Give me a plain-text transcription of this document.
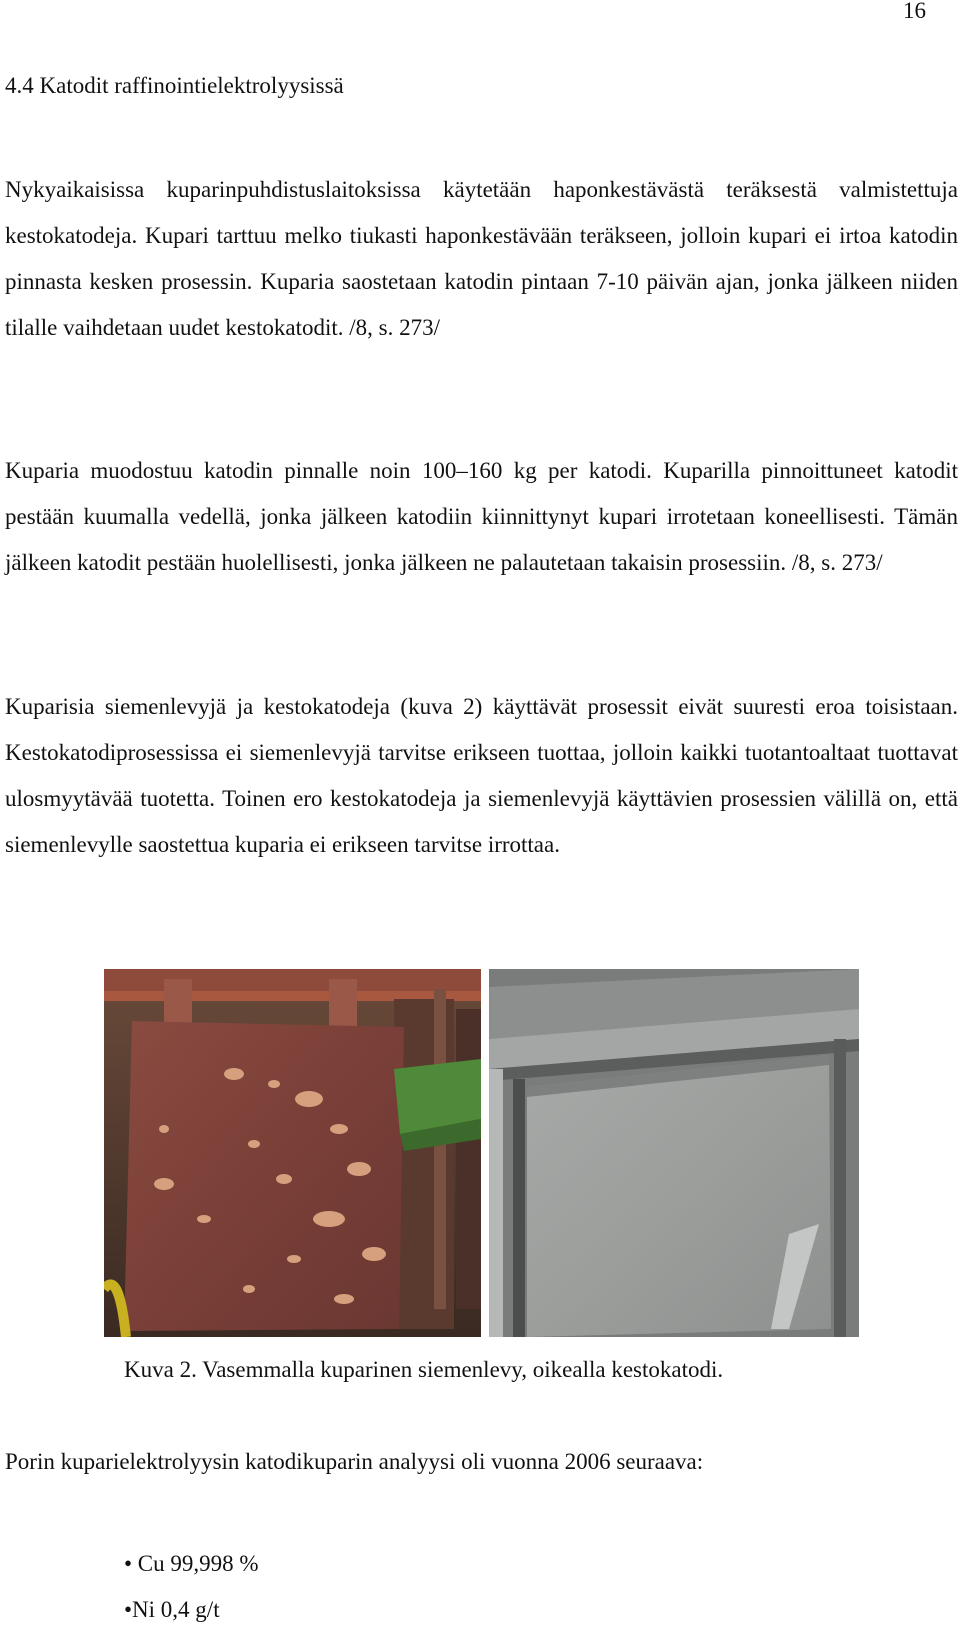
16
4.4 Katodit raffinointielektrolyysissä

Nykyaikaisissa kuparinpuhdistuslaitoksissa käytetään haponkestävästä teräksestä valmistettuja kestokatodeja. Kupari tarttuu melko tiukasti haponkestävään teräkseen, jolloin kupari ei irtoa katodin pinnasta kesken prosessin. Kuparia saostetaan katodin pintaan 7-10 päivän ajan, jonka jälkeen niiden tilalle vaihdetaan uudet kestokatodit. /8, s. 273/

Kuparia muodostuu katodin pinnalle noin 100–160 kg per katodi. Kuparilla pinnoittuneet katodit pestään kuumalla vedellä, jonka jälkeen katodiin kiinnittynyt kupari irrotetaan koneellisesti. Tämän jälkeen katodit pestään huolellisesti, jonka jälkeen ne palautetaan takaisin prosessiin. /8, s. 273/

Kuparisia siemenlevyjä ja kestokatodeja (kuva 2) käyttävät prosessit eivät suuresti eroa toisistaan. Kestokatodiprosessissa ei siemenlevyjä tarvitse erikseen tuottaa, jolloin kaikki tuotantoaltaat tuottavat ulosmyytävää tuotetta. Toinen ero kestokatodeja ja siemenlevyjä käyttävien prosessien välillä on, että siemenlevylle saostettua kuparia ei erikseen tarvitse irrottaa.

Kuva 2. Vasemmalla kuparinen siemenlevy, oikealla kestokatodi.
Porin kuparielektrolyysin katodikuparin analyysi oli vuonna 2006 seuraava:
• Cu 99,998 %
•Ni 0,4 g/t
